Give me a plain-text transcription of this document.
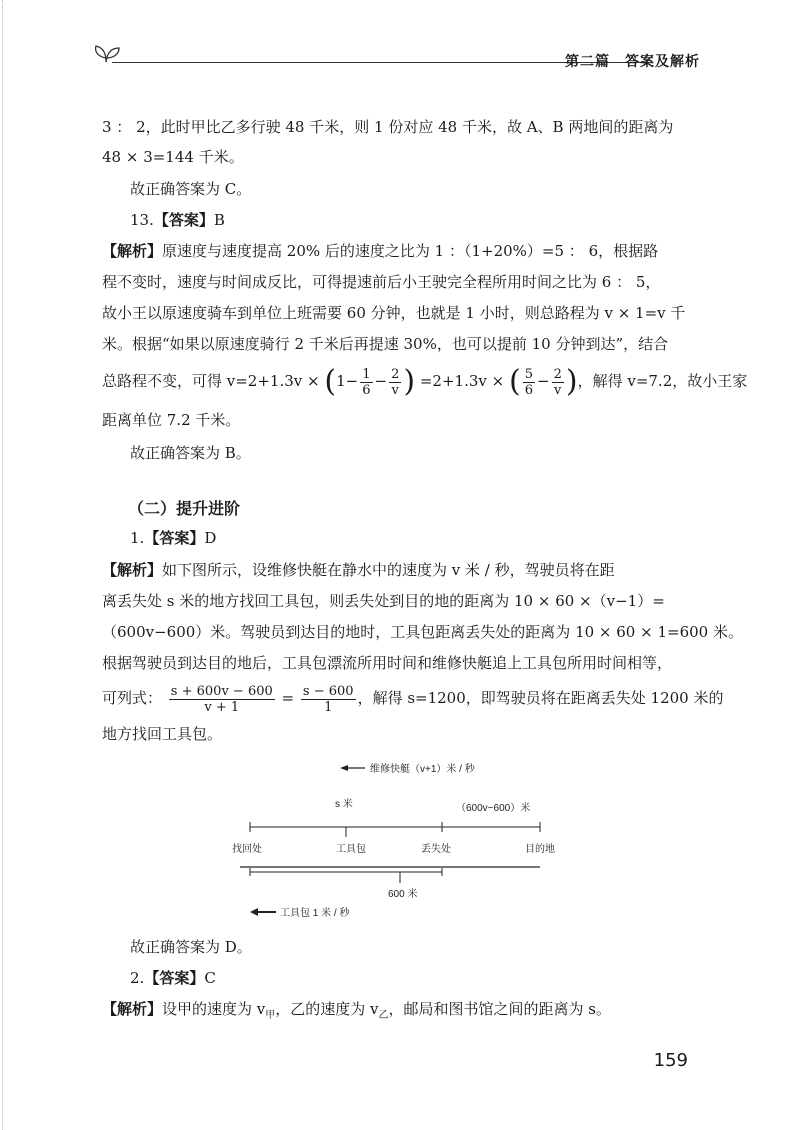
第二篇　答案及解析
3 ： 2，此时甲比乙多行驶 48 千米，则 1 份对应 48 千米，故 A、B 两地间的距离为
48 × 3=144 千米。
故正确答案为 C。
13.【答案】B
【解析】原速度与速度提高 20% 后的速度之比为 1 ：（1+20%）=5 ： 6，根据路
程不变时，速度与时间成反比，可得提速前后小王驶完全程所用时间之比为 6 ： 5，
故小王以原速度骑车到单位上班需要 60 分钟，也就是 1 小时，则总路程为 v × 1=v 千
米。根据“如果以原速度骑行 2 千米后再提速 30%，也可以提前 10 分钟到达”，结合
总路程不变，可得 $v=2+1.3v \times (1- \frac{1}{6} - \frac{2}{v}$ ) =2+1.3v × ( $\frac{5}{6} - \frac{2}{v}$ )，解得 v=7.2，故小王家
距离单位 7.2 千米。
故正确答案为 B。
（二）提升进阶
1.【答案】D
【解析】如下图所示，设维修快艇在静水中的速度为 v 米 / 秒，驾驶员将在距
离丢失处 s 米的地方找回工具包，则丢失处到目的地的距离为 10 × 60 ×（v−1）=
（600v−600）米。驾驶员到达目的地时，工具包距离丢失处的距离为 10 × 60 × 1=600 米。
根据驾驶员到达目的地后，工具包漂流所用时间和维修快艇追上工具包所用时间相等，
可列式： $\frac{s + 600v - 600}{v + 1} = \frac{s - 600}{1}$ ，解得 s=1200，即驾驶员将在距离丢失处 1200 米的
地方找回工具包。
维修快艇（v+1）米 / 秒
s 米	（600v−600）米
找回处	工具包	丢失处	目的地
600 米
工具包 1 米 / 秒
故正确答案为 D。
2.【答案】C
【解析】设甲的速度为 $v_甲$，乙的速度为 $v_乙$，邮局和图书馆之间的距离为 s。
159
